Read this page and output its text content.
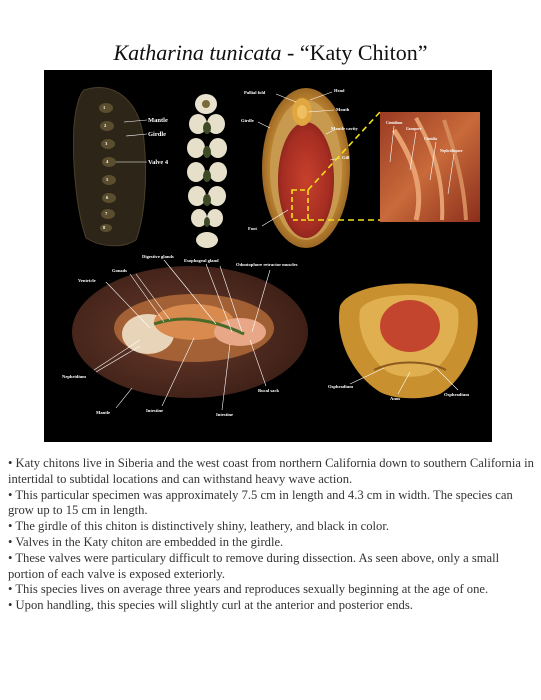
Katharina tunicata - “Katy Chiton”
1
2
3
4
5
6
7
8
Mantle
Girdle
Valve 4
Pallial fold	Head
Mouth
Girdle
Mantle cavity
Gill
Foot
Ctenidium
Gonopore
Ctenidia
Nephridiopore
Ventricle
Gonads
Digestive glands
Esophogeal gland
Odontophore retractor muscles
Nephridium
Mantle	Intestine
Intestine
Bucal sack
Osphradium
Anus
Osphradium
• Katy chitons live in Siberia and the west coast from northern California down to southern California in intertidal to subtidal locations and can withstand heavy wave action.
• This particular specimen was approximately 7.5 cm in length and 4.3 cm in width. The species can grow up to 15 cm in length.
• The girdle of this chiton is distinctively shiny, leathery, and black in color.
• Valves in the Katy chiton are embedded in the girdle.
• These valves were particulary difficult to remove during dissection. As seen above, only a small portion of each valve is exposed exteriorly.
• This species lives on average three years and reproduces sexually beginning at the age of one.
• Upon handling, this species will slightly curl at the anterior and posterior ends.
